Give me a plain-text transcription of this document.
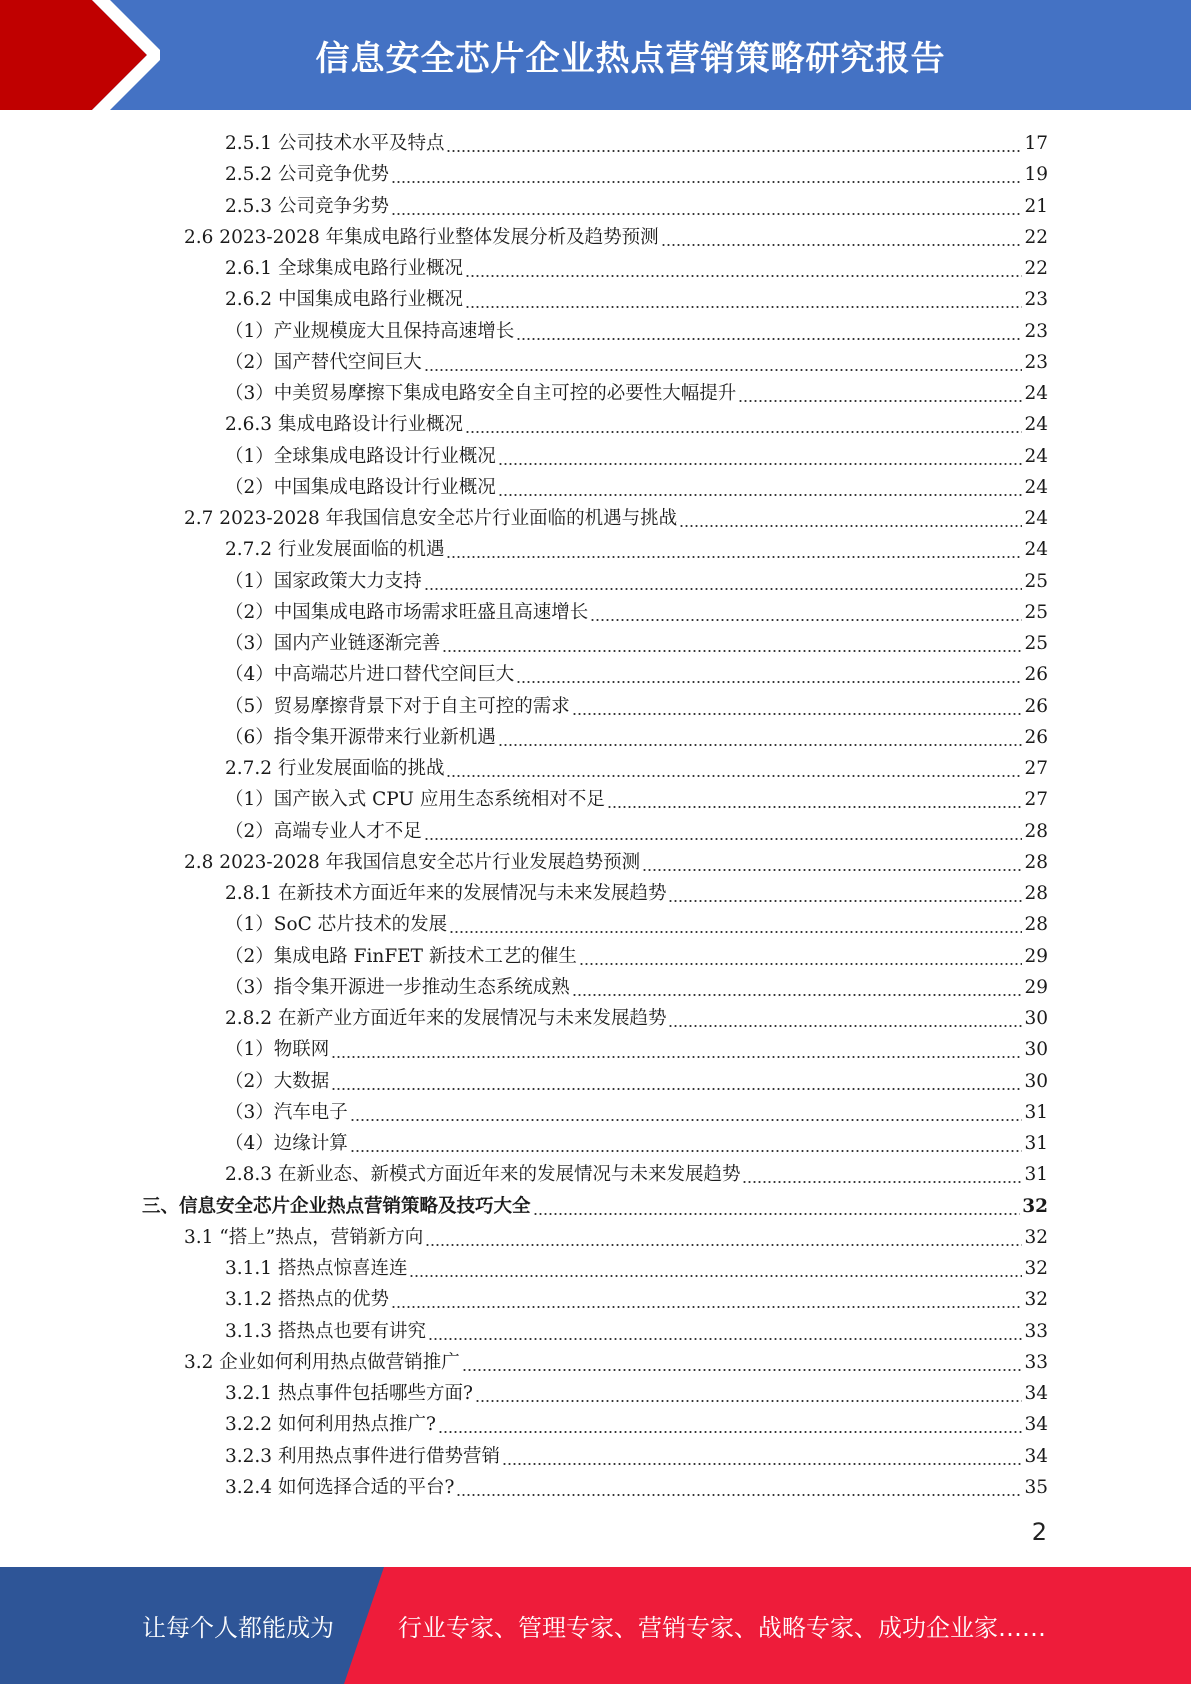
信息安全芯片企业热点营销策略研究报告
2.5.1 公司技术水平及特点	17
2.5.2 公司竞争优势	19
2.5.3 公司竞争劣势	21
2.6 2023-2028 年集成电路行业整体发展分析及趋势预测	22
2.6.1 全球集成电路行业概况	22
2.6.2 中国集成电路行业概况	23
（1）产业规模庞大且保持高速增长	23
（2）国产替代空间巨大	23
（3）中美贸易摩擦下集成电路安全自主可控的必要性大幅提升	24
2.6.3 集成电路设计行业概况	24
（1）全球集成电路设计行业概况	24
（2）中国集成电路设计行业概况	24
2.7 2023-2028 年我国信息安全芯片行业面临的机遇与挑战	24
2.7.2 行业发展面临的机遇	24
（1）国家政策大力支持	25
（2）中国集成电路市场需求旺盛且高速增长	25
（3）国内产业链逐渐完善	25
（4）中高端芯片进口替代空间巨大	26
（5）贸易摩擦背景下对于自主可控的需求	26
（6）指令集开源带来行业新机遇	26
2.7.2 行业发展面临的挑战	27
（1）国产嵌入式 CPU 应用生态系统相对不足	27
（2）高端专业人才不足	28
2.8 2023-2028 年我国信息安全芯片行业发展趋势预测	28
2.8.1 在新技术方面近年来的发展情况与未来发展趋势	28
（1）SoC 芯片技术的发展	28
（2）集成电路 FinFET 新技术工艺的催生	29
（3）指令集开源进一步推动生态系统成熟	29
2.8.2 在新产业方面近年来的发展情况与未来发展趋势	30
（1）物联网	30
（2）大数据	30
（3）汽车电子	31
（4）边缘计算	31
2.8.3 在新业态、新模式方面近年来的发展情况与未来发展趋势	31
三、信息安全芯片企业热点营销策略及技巧大全	32
3.1 “搭上”热点，营销新方向	32
3.1.1 搭热点惊喜连连	32
3.1.2 搭热点的优势	32
3.1.3 搭热点也要有讲究	33
3.2 企业如何利用热点做营销推广	33
3.2.1 热点事件包括哪些方面?	34
3.2.2 如何利用热点推广?	34
3.2.3 利用热点事件进行借势营销	34
3.2.4 如何选择合适的平台?	35
2
让每个人都能成为	行业专家、管理专家、营销专家、战略专家、成功企业家……
